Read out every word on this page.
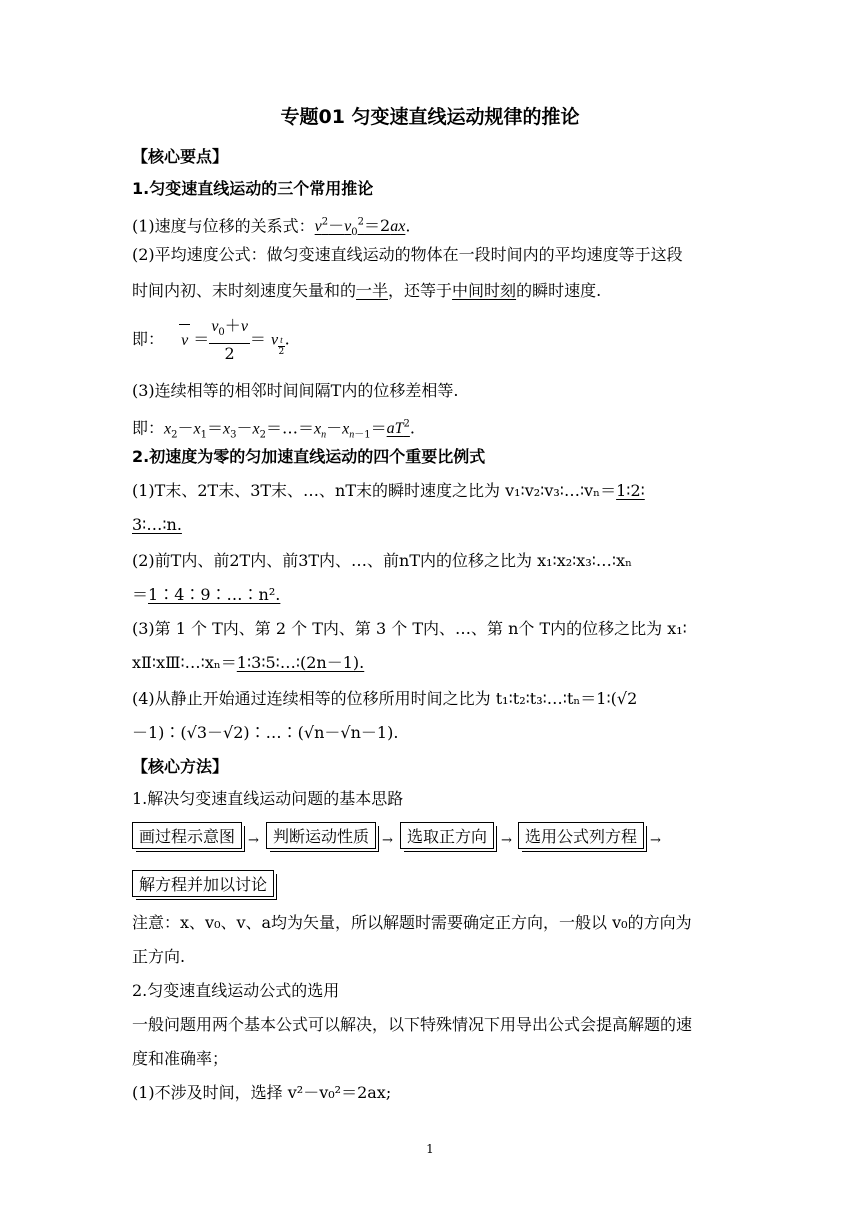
专题01 匀变速直线运动规律的推论
【核心要点】
1.匀变速直线运动的三个常用推论
(1)速度与位移的关系式：$v^2-v_0^2=2ax$.
(2)平均速度公式：做匀变速直线运动的物体在一段时间内的平均速度等于这段
时间内初、末时刻速度矢量和的一半，还等于中间时刻的瞬时速度.
即： $v = \frac{v_0+v}{2} = v$ $_{\frac{t}{2}}$ .
(3)连续相等的相邻时间间隔T内的位移差相等.
即：$x_2-x_1=x_3-x_2=\dots=x_n-x_{n-1}=aT^2$.
2.初速度为零的匀加速直线运动的四个重要比例式
(1)T末、2T末、3T末、…、nT末的瞬时速度之比为 v₁∶v₂∶v₃∶…∶vₙ＝1∶2∶
3∶…∶n.
(2)前T内、前2T内、前3T内、…、前nT内的位移之比为 x₁∶x₂∶x₃∶…∶xₙ
＝1∶4∶9∶…∶n².
(3)第 1 个 T内、第 2 个 T内、第 3 个 T内、…、第 n个 T内的位移之比为 x₁∶
xⅡ∶xⅢ∶…∶xₙ＝1∶3∶5∶…∶(2n－1).
(4)从静止开始通过连续相等的位移所用时间之比为 t₁∶t₂∶t₃∶…∶tₙ＝1∶(√2
－1)∶(√3－√2)∶…∶(√n－√n－1).
【核心方法】
1.解决匀变速直线运动问题的基本思路
画过程示意图 → 判断运动性质 → 选取正方向	→ 选用公式列方程 →
解方程并加以讨论
注意：x、v₀、v、a均为矢量，所以解题时需要确定正方向，一般以 v₀的方向为
正方向.
2.匀变速直线运动公式的选用
一般问题用两个基本公式可以解决，以下特殊情况下用导出公式会提高解题的速
度和准确率；
(1)不涉及时间，选择 v²－v₀²＝2ax;
1
